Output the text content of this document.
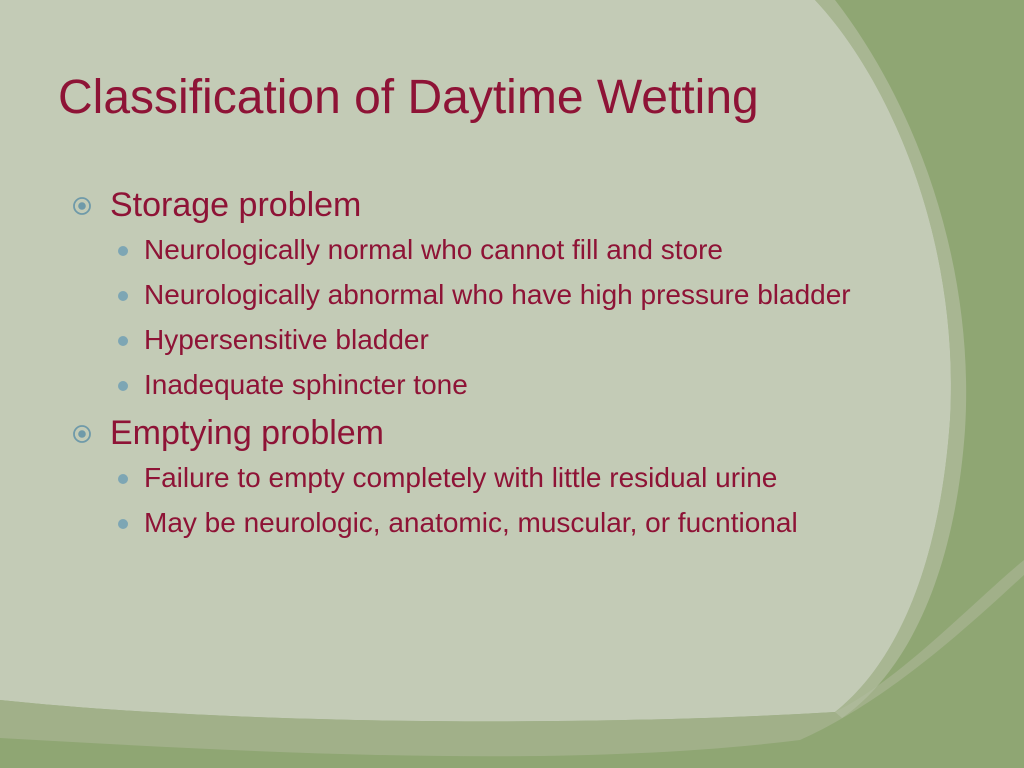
Classification of Daytime Wetting
Storage problem
Neurologically normal who cannot fill and store
Neurologically abnormal who have high pressure bladder
Hypersensitive bladder
Inadequate sphincter tone
Emptying problem
Failure to empty completely with little residual urine
May be neurologic, anatomic, muscular, or fucntional
